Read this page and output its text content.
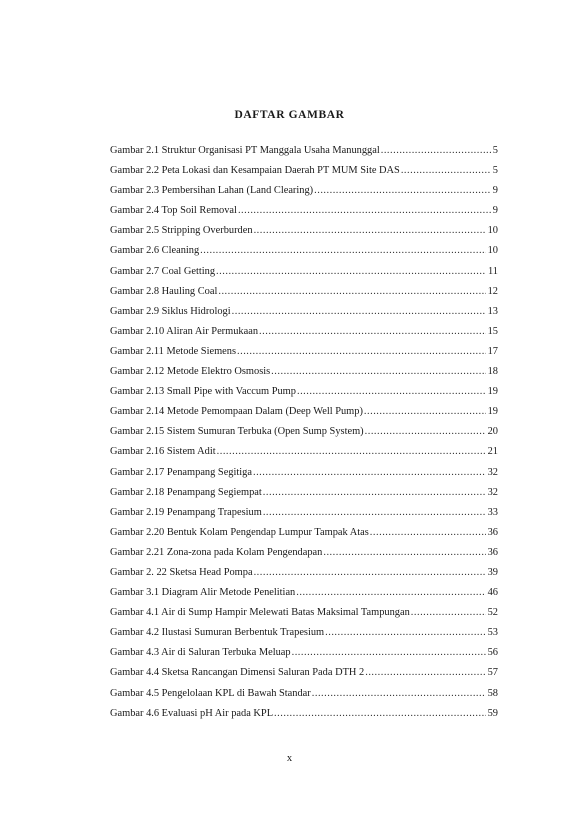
DAFTAR GAMBAR
Gambar 2.1 Struktur Organisasi PT Manggala Usaha Manunggal .....	5
Gambar 2.2 Peta Lokasi dan Kesampaian Daerah PT MUM Site DAS .....	5
Gambar 2.3 Pembersihan Lahan (Land Clearing) .....	9
Gambar 2.4 Top Soil Removal .....	9
Gambar 2.5 Stripping Overburden .....	10
Gambar 2.6 Cleaning .....	10
Gambar 2.7 Coal Getting .....	11
Gambar 2.8 Hauling Coal .....	12
Gambar 2.9 Siklus Hidrologi .....	13
Gambar 2.10 Aliran Air Permukaan .....	15
Gambar 2.11 Metode Siemens .....	17
Gambar 2.12 Metode Elektro Osmosis .....	18
Gambar 2.13 Small Pipe with Vaccum Pump .....	19
Gambar 2.14 Metode Pemompaan Dalam (Deep Well Pump) .....	19
Gambar 2.15 Sistem Sumuran Terbuka (Open Sump System) .....	20
Gambar 2.16 Sistem Adit .....	21
Gambar 2.17 Penampang Segitiga .....	32
Gambar 2.18 Penampang Segiempat .....	32
Gambar 2.19 Penampang Trapesium .....	33
Gambar 2.20 Bentuk Kolam Pengendap Lumpur Tampak Atas .....	36
Gambar 2.21 Zona-zona pada Kolam Pengendapan .....	36
Gambar 2. 22 Sketsa Head Pompa .....	39
Gambar 3.1 Diagram Alir Metode Penelitian .....	46
Gambar 4.1 Air di Sump Hampir Melewati Batas Maksimal Tampungan .....	52
Gambar 4.2 Ilustasi Sumuran Berbentuk Trapesium .....	53
Gambar 4.3 Air di Saluran Terbuka Meluap .....	56
Gambar 4.4 Sketsa Rancangan Dimensi Saluran Pada DTH 2 .....	57
Gambar 4.5 Pengelolaan KPL di Bawah Standar .....	58
Gambar 4.6 Evaluasi pH Air pada KPL .....	59
x
